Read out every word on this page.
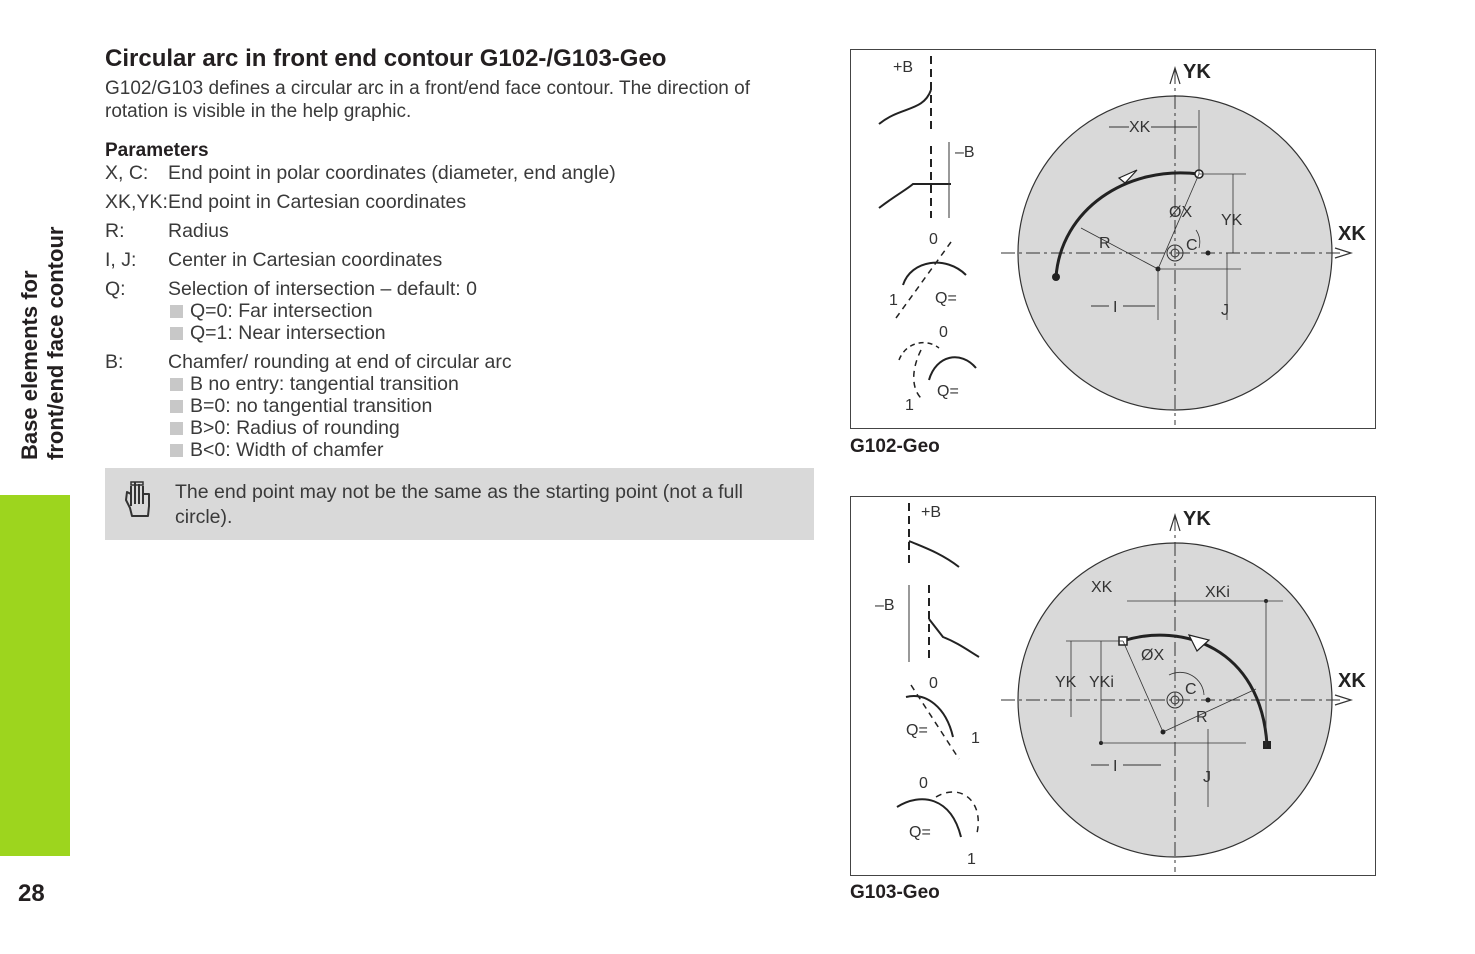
Base elements for front/end face contour
28
Circular arc in front end contour G102-/G103-Geo

G102/G103 defines a circular arc in a front/end face contour. The direction of rotation is visible in the help graphic.

Parameters
X, C:	End point in polar coordinates (diameter, end angle)
XK,YK: End point in Cartesian coordinates
R:	Radius
I, J:	Center in Cartesian coordinates
Q:	Selection of intersection – default: 0
Q=0: Far intersection
Q=1: Near intersection
B:	Chamfer/ rounding at end of circular arc
B no entry: tangential transition
B=0: no tangential transition
B>0: Radius of rounding
B<0: Width of chamfer
The end point may not be the same as the starting point (not a full circle).
XK
ØX YK
R	C
I	J
YK
XK
+B
–B
0
1 Q=
0
1
Q=
G102-Geo
XK	XKi
ØX
YK YKi
R
C
I
J
YK
XK
+B
–B
0
1
Q=
0
1
Q=
G103-Geo
